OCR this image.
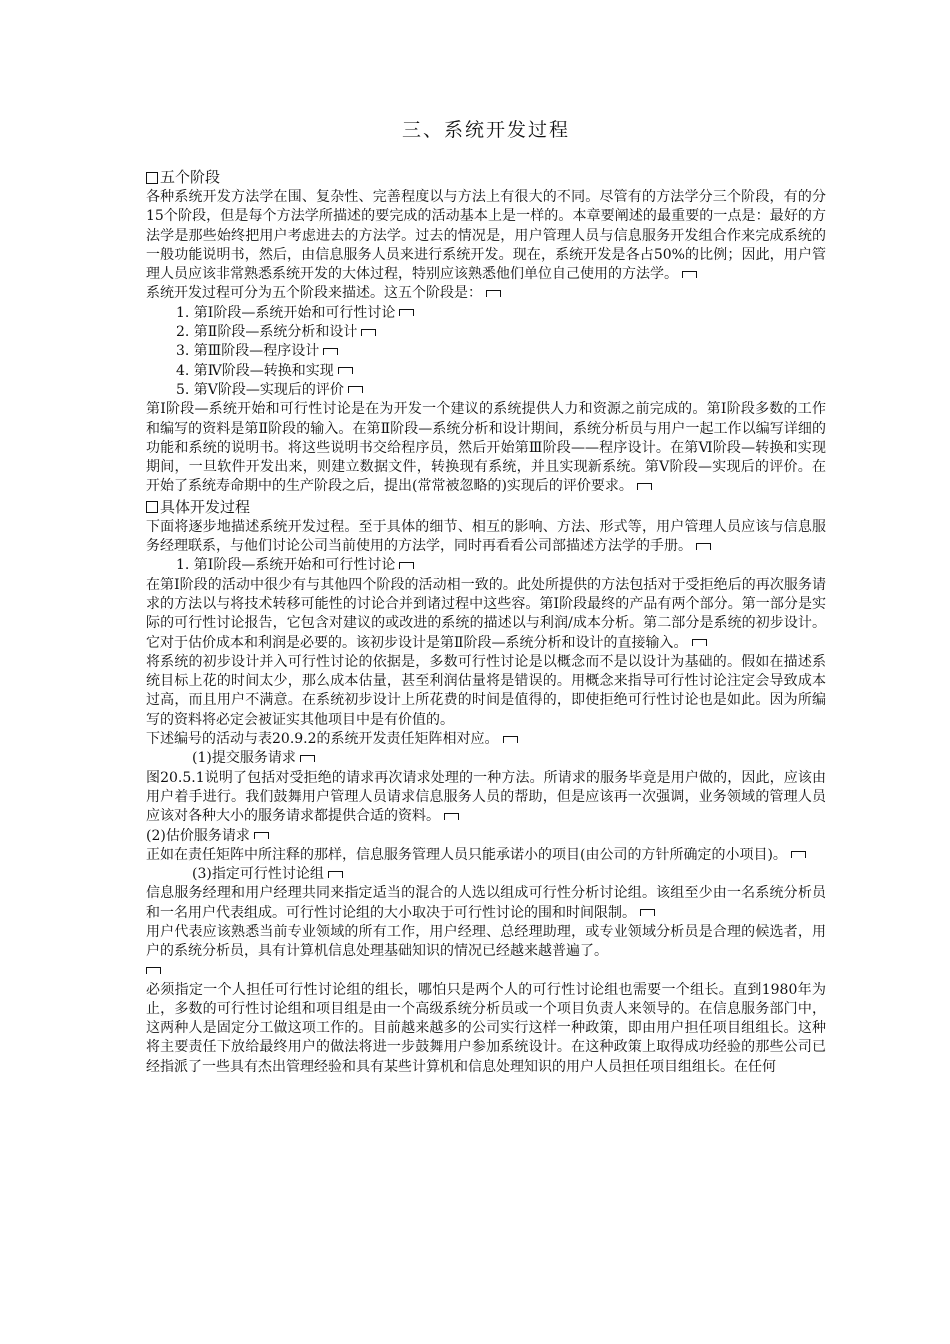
三、系统开发过程
五个阶段

各种系统开发方法学在围、复杂性、完善程度以与方法上有很大的不同。尽管有的方法学分三个阶段，有的分15个阶段，但是每个方法学所描述的要完成的活动基本上是一样的。本章要阐述的最重要的一点是：最好的方法学是那些始终把用户考虑进去的方法学。过去的情况是，用户管理人员与信息服务开发组合作来完成系统的一般功能说明书，然后，由信息服务人员来进行系统开发。现在，系统开发是各占50%的比例；因此，用户管理人员应该非常熟悉系统开发的大体过程，特别应该熟悉他们单位自己使用的方法学。

系统开发过程可分为五个阶段来描述。这五个阶段是：

1. 第Ⅰ阶段—系统开始和可行性讨论

2. 第Ⅱ阶段—系统分析和设计

3. 第Ⅲ阶段—程序设计

4. 第Ⅳ阶段—转换和实现

5. 第Ⅴ阶段—实现后的评价

第Ⅰ阶段—系统开始和可行性讨论是在为开发一个建议的系统提供人力和资源之前完成的。第Ⅰ阶段多数的工作和编写的资料是第Ⅱ阶段的输入。在第Ⅱ阶段—系统分析和设计期间，系统分析员与用户一起工作以编写详细的功能和系统的说明书。将这些说明书交给程序员，然后开始第Ⅲ阶段——程序设计。在第Ⅵ阶段—转换和实现期间，一旦软件开发出来，则建立数据文件，转换现有系统，并且实现新系统。第Ⅴ阶段—实现后的评价。在开始了系统寿命期中的生产阶段之后，提出(常常被忽略的)实现后的评价要求。

具体开发过程

下面将逐步地描述系统开发过程。至于具体的细节、相互的影响、方法、形式等，用户管理人员应该与信息服务经理联系，与他们讨论公司当前使用的方法学，同时再看看公司部描述方法学的手册。

1. 第Ⅰ阶段—系统开始和可行性讨论

在第Ⅰ阶段的活动中很少有与其他四个阶段的活动相一致的。此处所提供的方法包括对于受拒绝后的再次服务请求的方法以与将技术转移可能性的讨论合并到诸过程中这些容。第Ⅰ阶段最终的产品有两个部分。第一部分是实际的可行性讨论报告，它包含对建议的或改进的系统的描述以与利润/成本分析。第二部分是系统的初步设计。它对于估价成本和利润是必要的。该初步设计是第Ⅱ阶段—系统分析和设计的直接输入。

将系统的初步设计并入可行性讨论的依据是，多数可行性讨论是以概念而不是以设计为基础的。假如在描述系统目标上花的时间太少，那么成本估量，甚至利润估量将是错误的。用概念来指导可行性讨论注定会导致成本过高，而且用户不满意。在系统初步设计上所花费的时间是值得的，即使拒绝可行性讨论也是如此。因为所编写的资料将必定会被证实其他项目中是有价值的。

下述编号的活动与表20.9.2的系统开发责任矩阵相对应。

(1)提交服务请求

图20.5.1说明了包括对受拒绝的请求再次请求处理的一种方法。所请求的服务毕竟是用户做的，因此，应该由用户着手进行。我们鼓舞用户管理人员请求信息服务人员的帮助，但是应该再一次强调，业务领域的管理人员应该对各种大小的服务请求都提供合适的资料。

(2)估价服务请求

正如在责任矩阵中所注释的那样，信息服务管理人员只能承诺小的项目(由公司的方针所确定的小项目)。

(3)指定可行性讨论组

信息服务经理和用户经理共同来指定适当的混合的人选以组成可行性分析讨论组。该组至少由一名系统分析员和一名用户代表组成。可行性讨论组的大小取决于可行性讨论的围和时间限制。

用户代表应该熟悉当前专业领域的所有工作，用户经理、总经理助理，或专业领域分析员是合理的候选者，用户的系统分析员，具有计算机信息处理基础知识的情况已经越来越普遍了。

必须指定一个人担任可行性讨论组的组长，哪怕只是两个人的可行性讨论组也需要一个组长。直到1980年为止，多数的可行性讨论组和项目组是由一个高级系统分析员或一个项目负责人来领导的。在信息服务部门中，这两种人是固定分工做这项工作的。目前越来越多的公司实行这样一种政策，即由用户担任项目组组长。这种将主要责任下放给最终用户的做法将进一步鼓舞用户参加系统设计。在这种政策上取得成功经验的那些公司已经指派了一些具有杰出管理经验和具有某些计算机和信息处理知识的用户人员担任项目组组长。在任何
